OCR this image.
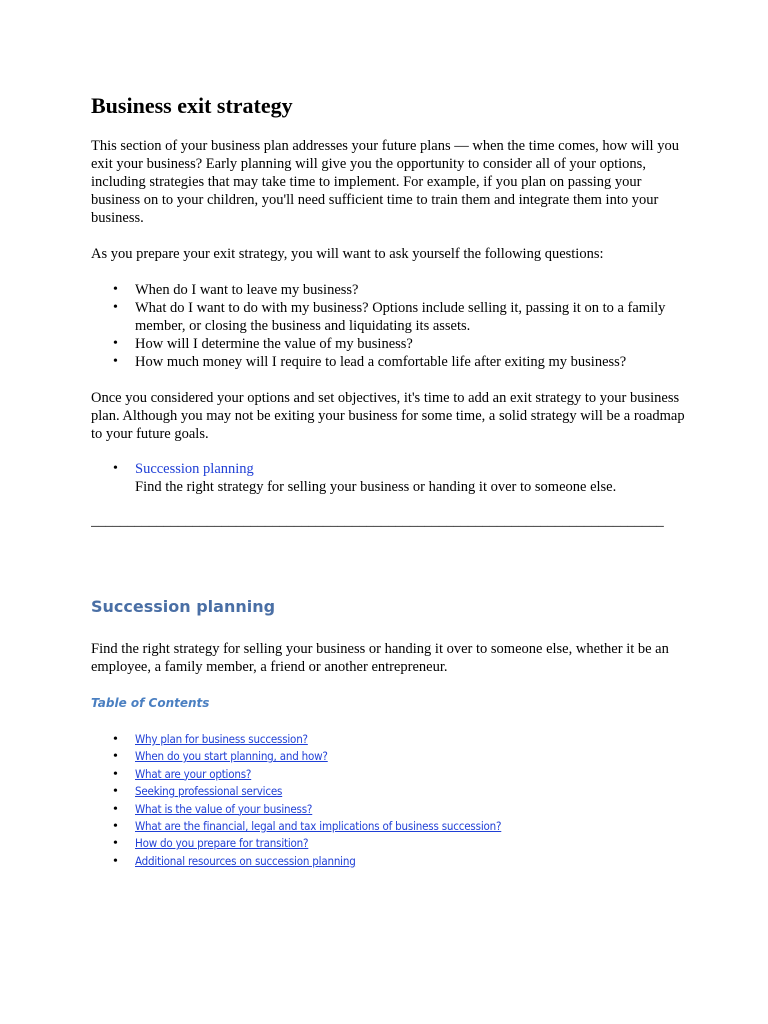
Business exit strategy

This section of your business plan addresses your future plans — when the time comes, how will you exit your business? Early planning will give you the opportunity to consider all of your options, including strategies that may take time to implement. For example, if you plan on passing your business on to your children, you'll need sufficient time to train them and integrate them into your business.

As you prepare your exit strategy, you will want to ask yourself the following questions:

• When do I want to leave my business?
• What do I want to do with my business? Options include selling it, passing it on to a family member, or closing the business and liquidating its assets.
• How will I determine the value of my business?
• How much money will I require to lead a comfortable life after exiting my business?

Once you considered your options and set objectives, it's time to add an exit strategy to your business plan. Although you may not be exiting your business for some time, a solid strategy will be a roadmap to your future goals.

• Succession planning
Find the right strategy for selling your business or handing it over to someone else.

_______________________________________________________________________________

Succession planning

Find the right strategy for selling your business or handing it over to someone else, whether it be an employee, a family member, a friend or another entrepreneur.

Table of Contents

• Why plan for business succession?
• When do you start planning, and how?
• What are your options?
• Seeking professional services
• What is the value of your business?
• What are the financial, legal and tax implications of business succession?
• How do you prepare for transition?
• Additional resources on succession planning
